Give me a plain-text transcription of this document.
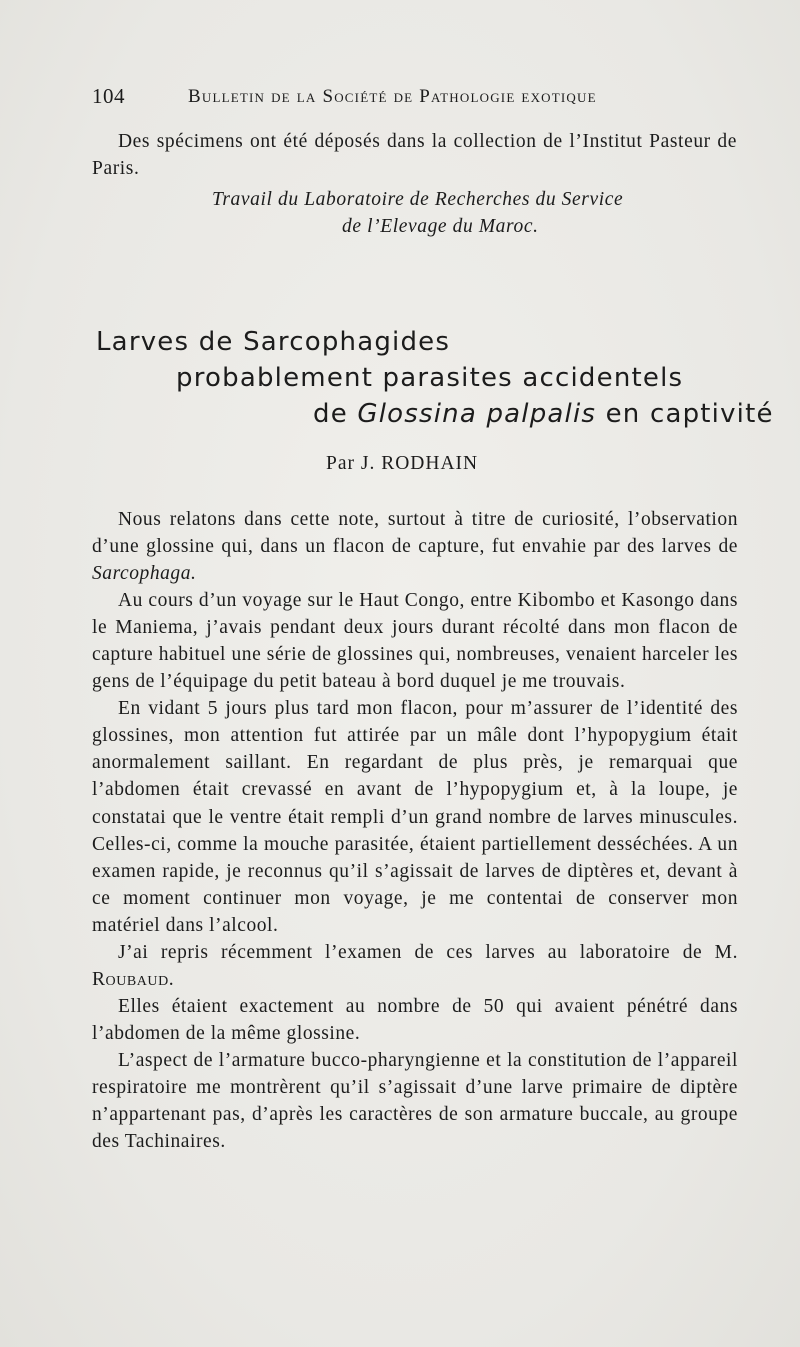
104	Bulletin de la Société de Pathologie exotique

Des spécimens ont été déposés dans la collection de l’Institut Pasteur de Paris.

Travail du Laboratoire de Recherches du Service
de l’Elevage du Maroc.
Larves de Sarcophagides
probablement parasites accidentels
de Glossina palpalis en captivité
Par J. RODHAIN

Nous relatons dans cette note, surtout à titre de curiosité, l’observation d’une glossine qui, dans un flacon de capture, fut envahie par des larves de Sarcophaga.

Au cours d’un voyage sur le Haut Congo, entre Kibombo et Kasongo dans le Maniema, j’avais pendant deux jours durant récolté dans mon flacon de capture habituel une série de glossines qui, nombreuses, venaient harceler les gens de l’équipage du petit bateau à bord duquel je me trouvais.

En vidant 5 jours plus tard mon flacon, pour m’assurer de l’identité des glossines, mon attention fut attirée par un mâle dont l’hypopygium était anormalement saillant. En regardant de plus près, je remarquai que l’abdomen était crevassé en avant de l’hypopygium et, à la loupe, je constatai que le ventre était rempli d’un grand nombre de larves minuscules. Celles-ci, comme la mouche parasitée, étaient partiellement desséchées. A un examen rapide, je reconnus qu’il s’agissait de larves de diptères et, devant à ce moment continuer mon voyage, je me contentai de conserver mon matériel dans l’alcool.

J’ai repris récemment l’examen de ces larves au laboratoire de M. Roubaud.

Elles étaient exactement au nombre de 50 qui avaient pénétré dans l’abdomen de la même glossine.

L’aspect de l’armature bucco-pharyngienne et la constitution de l’appareil respiratoire me montrèrent qu’il s’agissait d’une larve primaire de diptère n’appartenant pas, d’après les caractères de son armature buccale, au groupe des Tachinaires.
